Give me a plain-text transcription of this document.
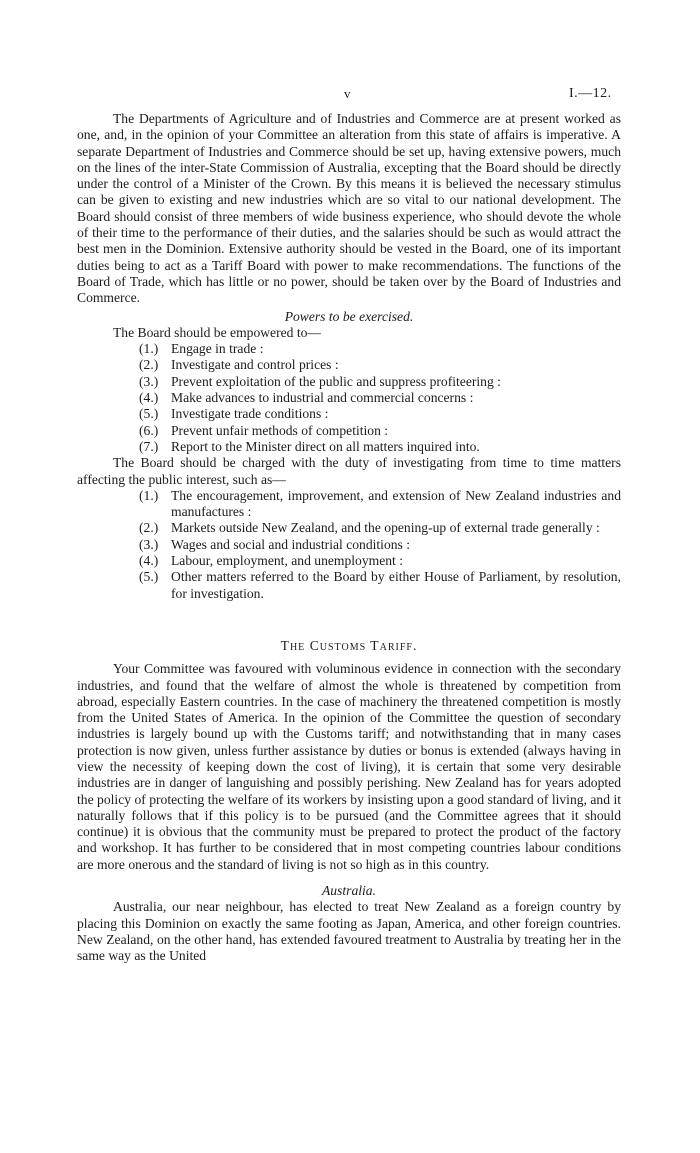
v	I.—12.

The Departments of Agriculture and of Industries and Commerce are at present worked as one, and, in the opinion of your Committee an alteration from this state of affairs is imperative. A separate Department of Industries and Commerce should be set up, having extensive powers, much on the lines of the inter-State Commission of Australia, excepting that the Board should be directly under the control of a Minister of the Crown. By this means it is believed the necessary stimulus can be given to existing and new industries which are so vital to our national development. The Board should consist of three members of wide business experience, who should devote the whole of their time to the performance of their duties, and the salaries should be such as would attract the best men in the Dominion. Extensive authority should be vested in the Board, one of its important duties being to act as a Tariff Board with power to make recommendations. The functions of the Board of Trade, which has little or no power, should be taken over by the Board of Industries and Commerce.

Powers to be exercised.

The Board should be empowered to—

(1.) Engage in trade :
(2.) Investigate and control prices :
(3.) Prevent exploitation of the public and suppress profiteering :
(4.) Make advances to industrial and commercial concerns :
(5.) Investigate trade conditions :
(6.) Prevent unfair methods of competition :
(7.) Report to the Minister direct on all matters inquired into.

The Board should be charged with the duty of investigating from time to time matters affecting the public interest, such as—

(1.) The encouragement, improvement, and extension of New Zealand industries and manufactures :
(2.) Markets outside New Zealand, and the opening-up of external trade generally :
(3.) Wages and social and industrial conditions :
(4.) Labour, employment, and unemployment :
(5.) Other matters referred to the Board by either House of Parliament, by resolution, for investigation.

The Customs Tariff.

Your Committee was favoured with voluminous evidence in connection with the secondary industries, and found that the welfare of almost the whole is threatened by competition from abroad, especially Eastern countries. In the case of machinery the threatened competition is mostly from the United States of America. In the opinion of the Committee the question of secondary industries is largely bound up with the Customs tariff; and notwithstanding that in many cases protection is now given, unless further assistance by duties or bonus is extended (always having in view the necessity of keeping down the cost of living), it is certain that some very desirable industries are in danger of languishing and possibly perishing. New Zealand has for years adopted the policy of protecting the welfare of its workers by insisting upon a good standard of living, and it naturally follows that if this policy is to be pursued (and the Committee agrees that it should continue) it is obvious that the community must be prepared to protect the product of the factory and workshop. It has further to be considered that in most competing countries labour conditions are more onerous and the standard of living is not so high as in this country.

Australia.

Australia, our near neighbour, has elected to treat New Zealand as a foreign country by placing this Dominion on exactly the same footing as Japan, America, and other foreign countries. New Zealand, on the other hand, has extended favoured treatment to Australia by treating her in the same way as the United
